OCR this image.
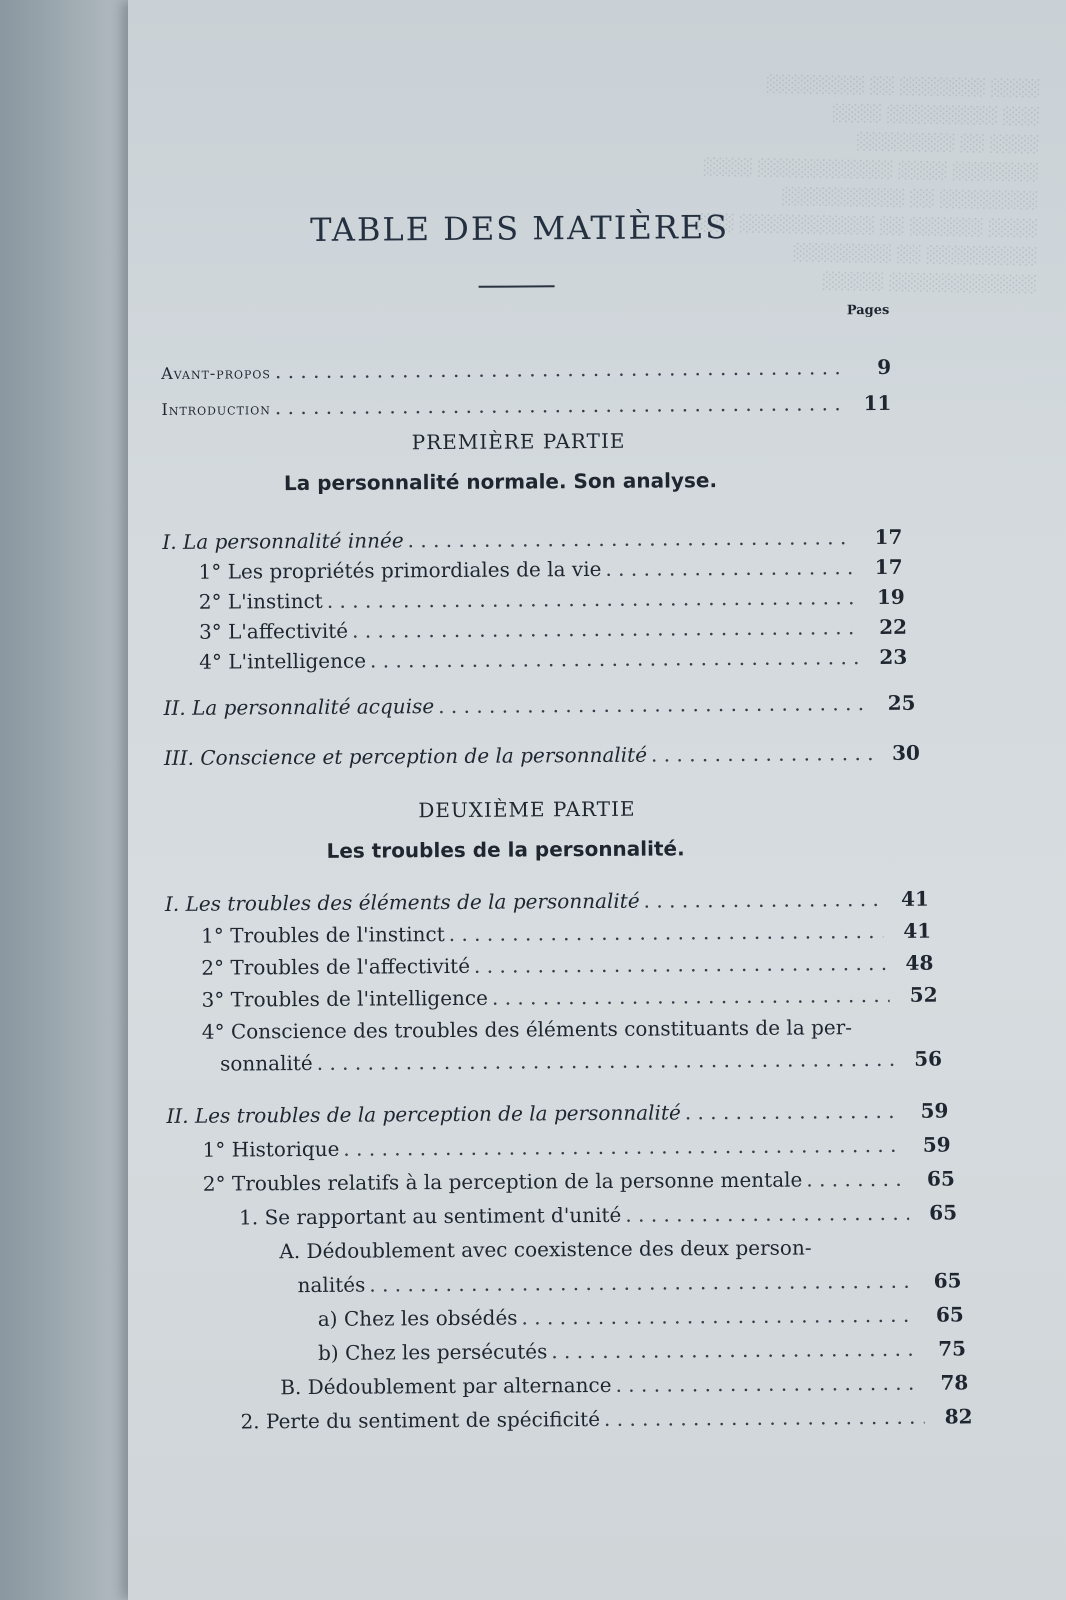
░░░░ ░░░░░░░ ░░ ░░░░░░░░
░░░ ░░░░░░░░░ ░░░░
░░░░ ░░ ░░░░░░░░
░░░░░░░ ░░░░ ░░░░░░░░░░░ ░░░░
░░░░░░░░ ░░ ░░░░░░░░░░
░░░░ ░░░░░░ ░░ ░░░░░░░░░░░ ░░░
░░░░░░░░░ ░░ ░░░░░░░░
░░░░░░░░░░░░ ░░░░░
TABLE DES MATIÈRES
Pages
Avant-propos . . .	9
Introduction . . .	11
PREMIÈRE PARTIE
La personnalité normale. Son analyse.
I. La personnalité innée . . .	17
1° Les propriétés primordiales de la vie . . .	17
2° L'instinct . . .	19
3° L'affectivité . . .	22
4° L'intelligence . . .	23
II. La personnalité acquise . . .	25
III. Conscience et perception de la personnalité . . .	30
DEUXIÈME PARTIE
Les troubles de la personnalité.
I. Les troubles des éléments de la personnalité . . .	41
1° Troubles de l'instinct . . .	41
2° Troubles de l'affectivité . . .	48
3° Troubles de l'intelligence . . .	52
4° Conscience des troubles des éléments constituants de la per-
sonnalité . . .	56
II. Les troubles de la perception de la personnalité . . .	59
1° Historique . . .	59
2° Troubles relatifs à la perception de la personne mentale . . .	65
1. Se rapportant au sentiment d'unité . . .	65
A. Dédoublement avec coexistence des deux person-
nalités . . .	65
a) Chez les obsédés . . .	65
b) Chez les persécutés . . .	75
B. Dédoublement par alternance . . .	78
2. Perte du sentiment de spécificité . . .	82
